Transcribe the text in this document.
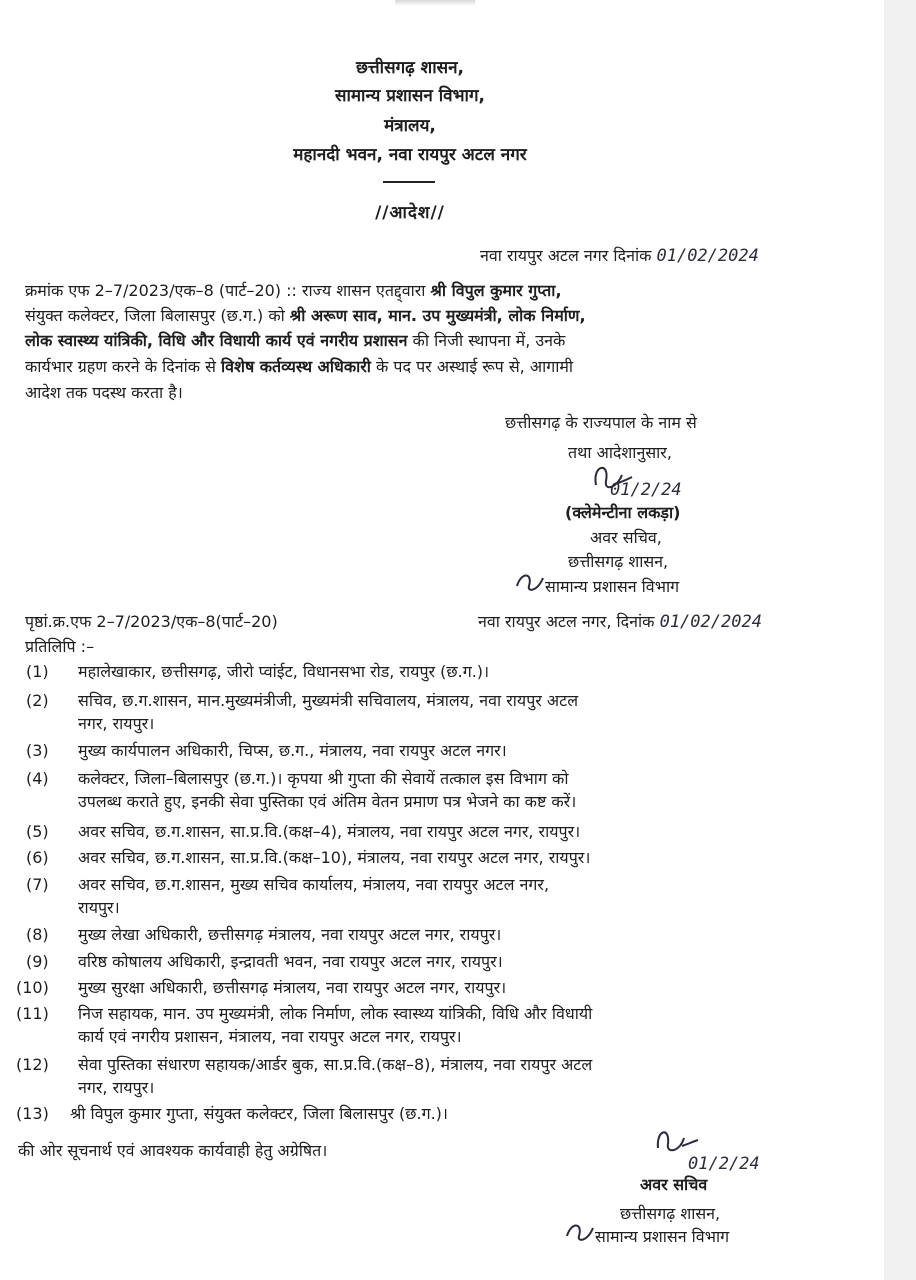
छत्तीसगढ़ शासन,
सामान्य प्रशासन विभाग,
मंत्रालय,
महानदी भवन, नवा रायपुर अटल नगर
//आदेश//
नवा रायपुर अटल नगर दिनांक 01/02/2024
क्रमांक एफ 2–7/2023/एक–8 (पार्ट–20) :: राज्य शासन एतद्द्वारा श्री विपुल कुमार गुप्ता,
संयुक्त कलेक्टर, जिला बिलासपुर (छ.ग.) को श्री अरूण साव, मान. उप मुख्यमंत्री, लोक निर्माण,
लोक स्वास्थ्य यांत्रिकी, विधि और विधायी कार्य एवं नगरीय प्रशासन की निजी स्थापना में, उनके
कार्यभार ग्रहण करने के दिनांक से विशेष कर्तव्यस्थ अधिकारी के पद पर अस्थाई रूप से, आगामी
आदेश तक पदस्थ करता है।
छत्तीसगढ़ के राज्यपाल के नाम से
तथा आदेशानुसार,
01/2/24
(क्लेमेन्टीना लकड़ा)
अवर सचिव,
छत्तीसगढ़ शासन,
सामान्य प्रशासन विभाग
पृष्ठां.क्र.एफ 2–7/2023/एक–8(पार्ट–20)	नवा रायपुर अटल नगर, दिनांक 01/02/2024
प्रतिलिपि :–
(1) महालेखाकार, छत्तीसगढ़, जीरो प्वांईट, विधानसभा रोड, रायपुर (छ.ग.)।
(2) सचिव, छ.ग.शासन, मान.मुख्यमंत्रीजी, मुख्यमंत्री सचिवालय, मंत्रालय, नवा रायपुर अटल
नगर, रायपुर।
(3) मुख्य कार्यपालन अधिकारी, चिप्स, छ.ग., मंत्रालय, नवा रायपुर अटल नगर।
(4) कलेक्टर, जिला–बिलासपुर (छ.ग.)। कृपया श्री गुप्ता की सेवायें तत्काल इस विभाग को
उपलब्ध कराते हुए, इनकी सेवा पुस्तिका एवं अंतिम वेतन प्रमाण पत्र भेजने का कष्ट करें।
(5) अवर सचिव, छ.ग.शासन, सा.प्र.वि.(कक्ष–4), मंत्रालय, नवा रायपुर अटल नगर, रायपुर।
(6) अवर सचिव, छ.ग.शासन, सा.प्र.वि.(कक्ष–10), मंत्रालय, नवा रायपुर अटल नगर, रायपुर।
(7) अवर सचिव, छ.ग.शासन, मुख्य सचिव कार्यालय, मंत्रालय, नवा रायपुर अटल नगर,
रायपुर।
(8) मुख्य लेखा अधिकारी, छत्तीसगढ़ मंत्रालय, नवा रायपुर अटल नगर, रायपुर।
(9) वरिष्ठ कोषालय अधिकारी, इन्द्रावती भवन, नवा रायपुर अटल नगर, रायपुर।
(10) मुख्य सुरक्षा अधिकारी, छत्तीसगढ़ मंत्रालय, नवा रायपुर अटल नगर, रायपुर।
(11) निज सहायक, मान. उप मुख्यमंत्री, लोक निर्माण, लोक स्वास्थ्य यांत्रिकी, विधि और विधायी
कार्य एवं नगरीय प्रशासन, मंत्रालय, नवा रायपुर अटल नगर, रायपुर।
(12) सेवा पुस्तिका संधारण सहायक/आर्डर बुक, सा.प्र.वि.(कक्ष–8), मंत्रालय, नवा रायपुर अटल
नगर, रायपुर।
(13) श्री विपुल कुमार गुप्ता, संयुक्त कलेक्टर, जिला बिलासपुर (छ.ग.)।
की ओर सूचनार्थ एवं आवश्यक कार्यवाही हेतु अग्रेषित।
01/2/24
अवर सचिव
छत्तीसगढ़ शासन,
सामान्य प्रशासन विभाग
